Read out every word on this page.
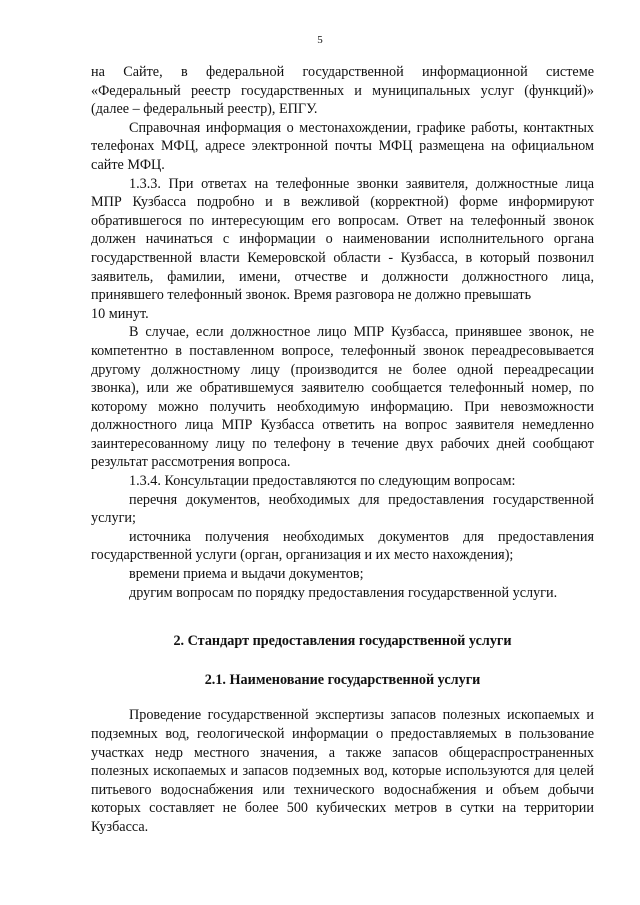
5

на Сайте, в федеральной государственной информационной системе «Федеральный реестр государственных и муниципальных услуг (функций)» (далее – федеральный реестр), ЕПГУ.

Справочная информация о местонахождении, графике работы, контактных телефонах МФЦ, адресе электронной почты МФЦ размещена на официальном сайте МФЦ.

1.3.3. При ответах на телефонные звонки заявителя, должностные лица МПР Кузбасса подробно и в вежливой (корректной) форме информируют обратившегося по интересующим его вопросам. Ответ на телефонный звонок должен начинаться с информации о наименовании исполнительного органа государственной власти Кемеровской области - Кузбасса, в который позвонил заявитель, фамилии, имени, отчестве и должности должностного лица, принявшего телефонный звонок. Время разговора не должно превышать

10 минут.

В случае, если должностное лицо МПР Кузбасса, принявшее звонок, не компетентно в поставленном вопросе, телефонный звонок переадресовывается другому должностному лицу (производится не более одной переадресации звонка), или же обратившемуся заявителю сообщается телефонный номер, по которому можно получить необходимую информацию. При невозможности должностного лица МПР Кузбасса ответить на вопрос заявителя немедленно заинтересованному лицу по телефону в течение двух рабочих дней сообщают результат рассмотрения вопроса.

1.3.4. Консультации предоставляются по следующим вопросам:

перечня документов, необходимых для предоставления государственной услуги;

источника получения необходимых документов для предоставления государственной услуги (орган, организация и их место нахождения);

времени приема и выдачи документов;

другим вопросам по порядку предоставления государственной услуги.

2. Стандарт предоставления государственной услуги
2.1. Наименование государственной услуги

Проведение государственной экспертизы запасов полезных ископаемых и подземных вод, геологической информации о предоставляемых в пользование участках недр местного значения, а также запасов общераспространенных полезных ископаемых и запасов подземных вод, которые используются для целей питьевого водоснабжения или технического водоснабжения и объем добычи которых составляет не более 500 кубических метров в сутки на территории Кузбасса.
